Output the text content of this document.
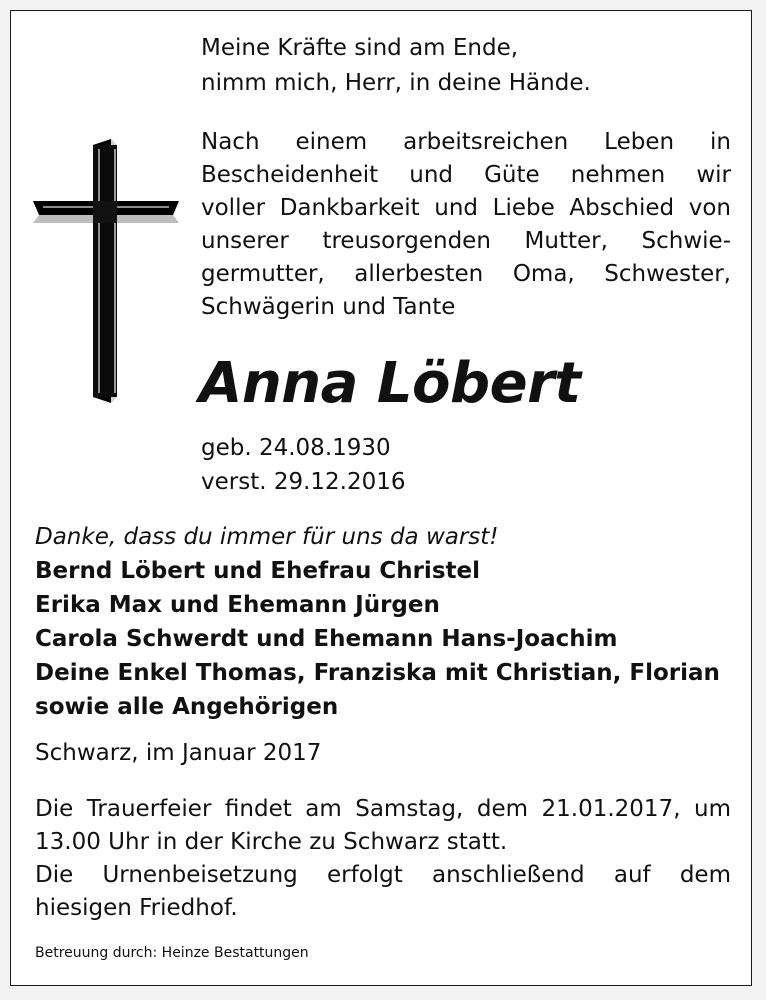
Meine Kräfte sind am Ende,
nimm mich, Herr, in deine Hände.

Nach einem arbeitsreichen Leben in
Bescheidenheit und Güte nehmen wir
voller Dankbarkeit und Liebe Abschied von
unserer treusorgenden Mutter, Schwie-
germutter, allerbesten Oma, Schwester,
Schwägerin und Tante

Anna Löbert

geb. 24.08.1930
verst. 29.12.2016

Danke, dass du immer für uns da warst!

Bernd Löbert und Ehefrau Christel
Erika Max und Ehemann Jürgen
Carola Schwerdt und Ehemann Hans-Joachim
Deine Enkel Thomas, Franziska mit Christian, Florian
sowie alle Angehörigen

Schwarz, im Januar 2017

Die Trauerfeier findet am Samstag, dem 21.01.2017, um
13.00 Uhr in der Kirche zu Schwarz statt.
Die Urnenbeisetzung erfolgt anschließend auf dem
hiesigen Friedhof.

Betreuung durch: Heinze Bestattungen
